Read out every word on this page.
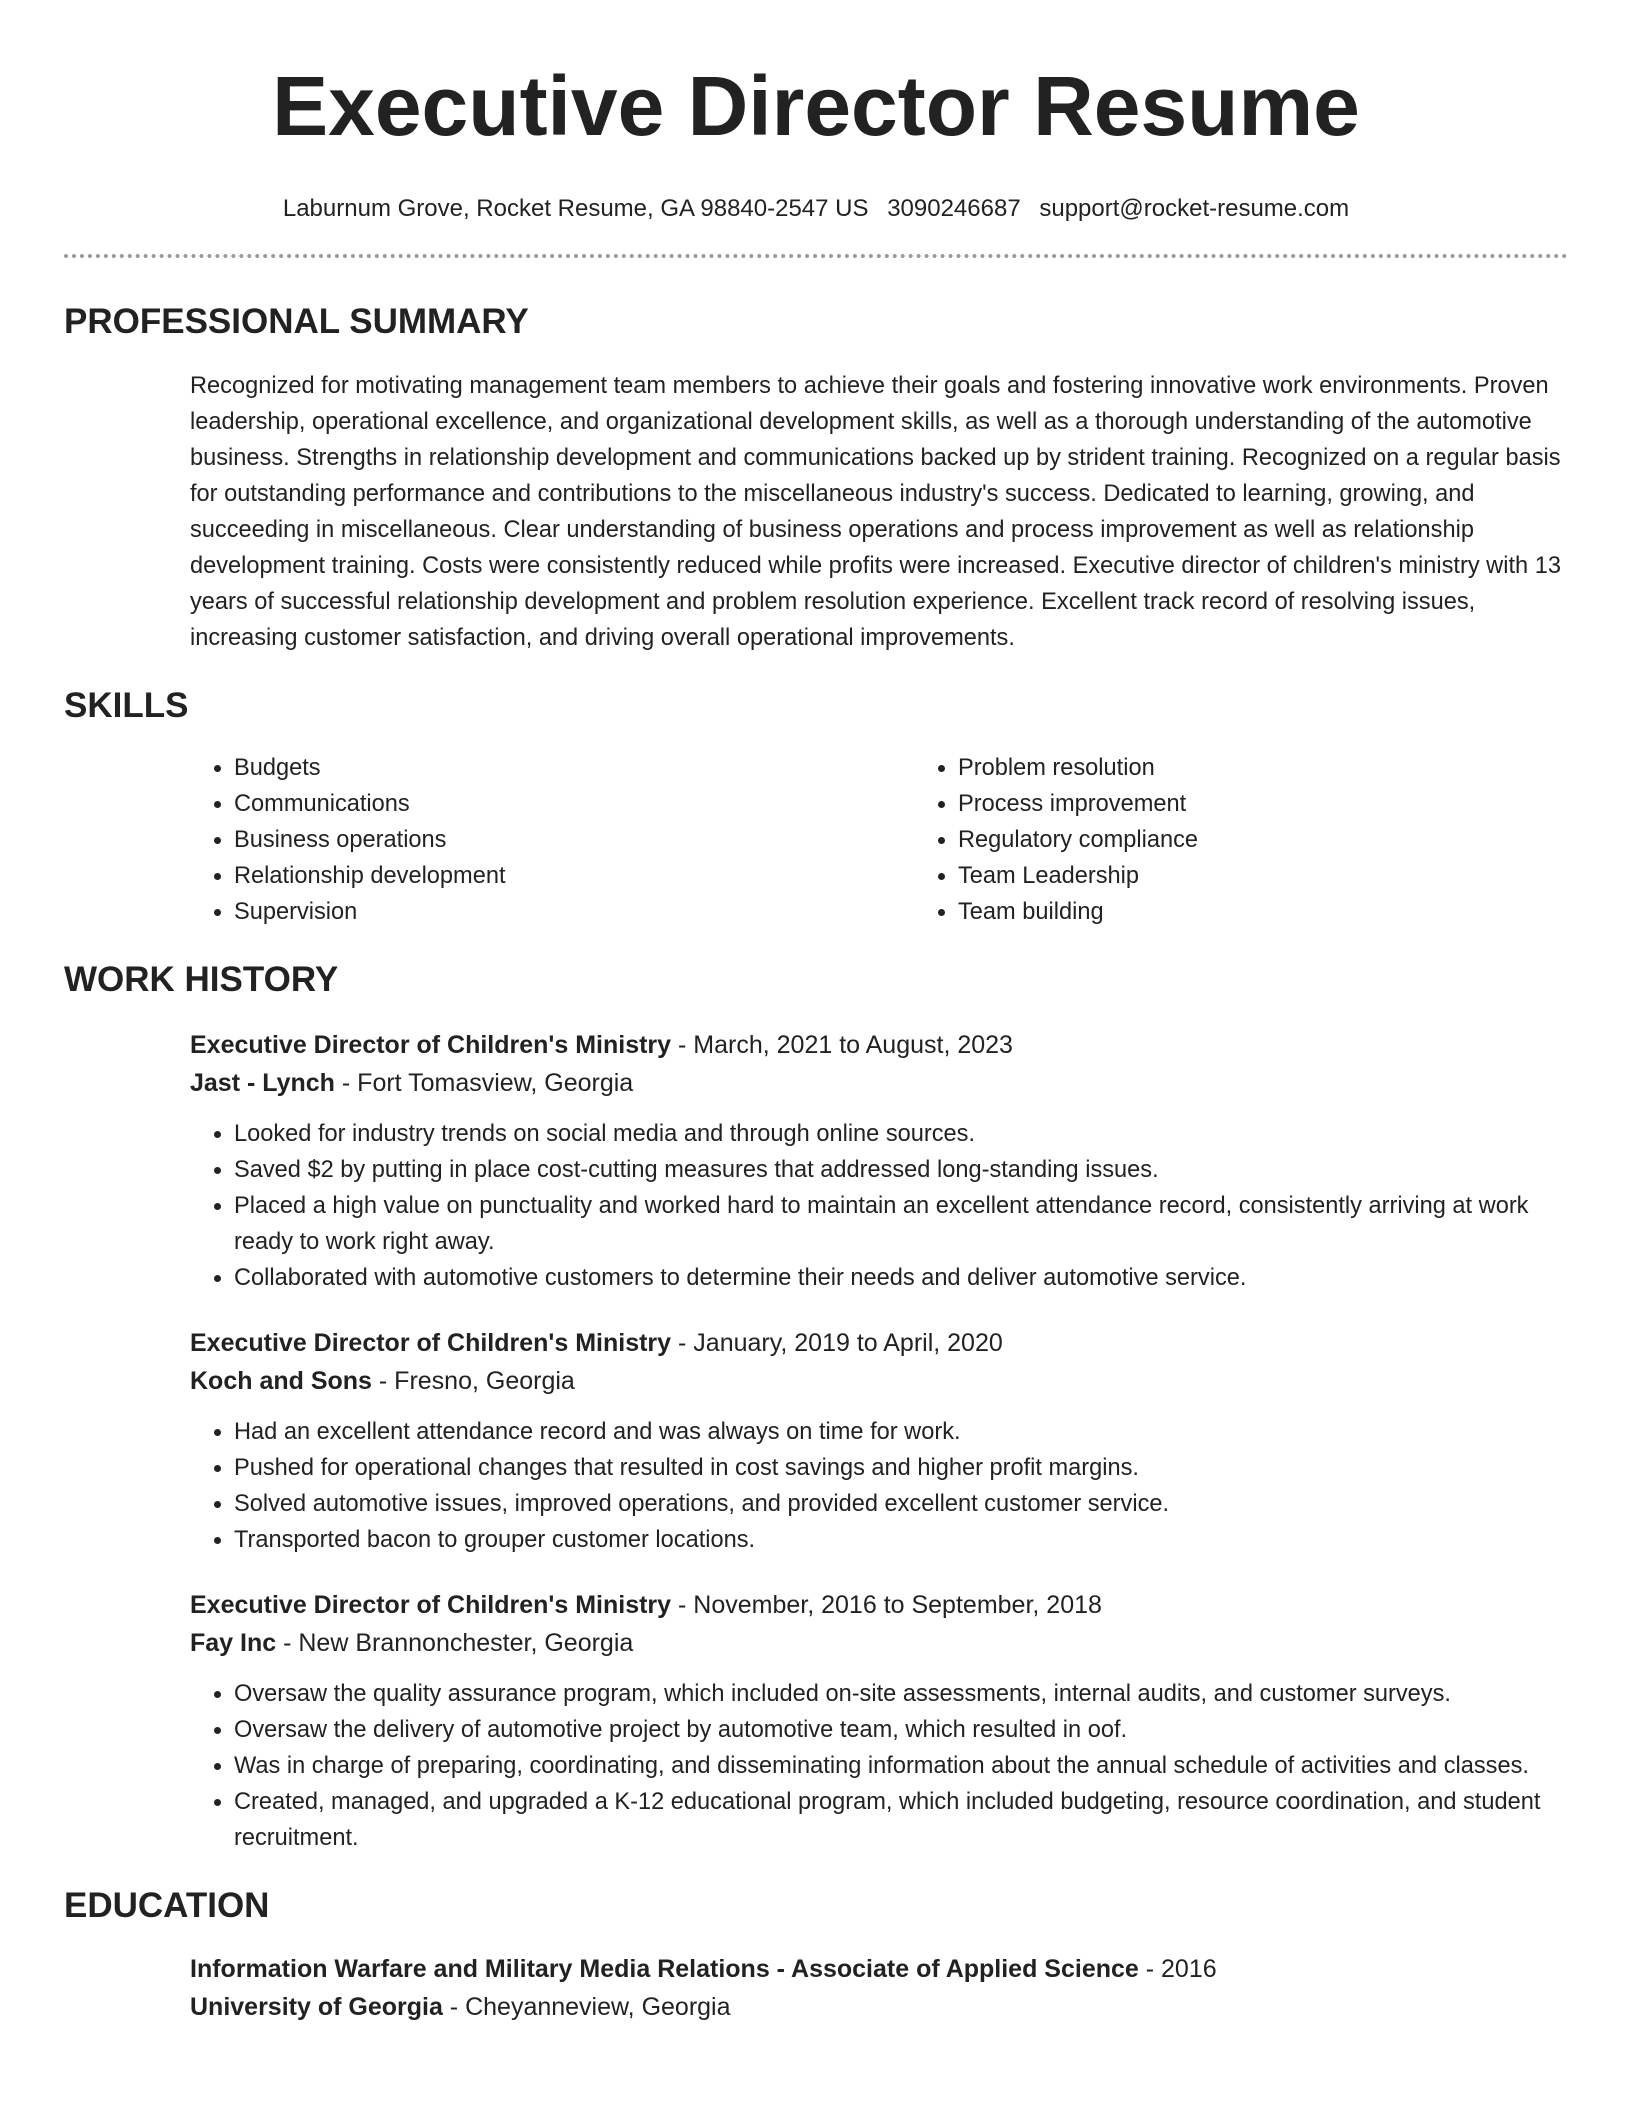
Executive Director Resume
Laburnum Grove, Rocket Resume, GA 98840-2547 US 3090246687 support@rocket-resume.com
PROFESSIONAL SUMMARY

Recognized for motivating management team members to achieve their goals and fostering innovative work environments. Proven leadership, operational excellence, and organizational development skills, as well as a thorough understanding of the automotive business. Strengths in relationship development and communications backed up by strident training. Recognized on a regular basis for outstanding performance and contributions to the miscellaneous industry's success. Dedicated to learning, growing, and succeeding in miscellaneous. Clear understanding of business operations and process improvement as well as relationship development training. Costs were consistently reduced while profits were increased. Executive director of children's ministry with 13 years of successful relationship development and problem resolution experience. Excellent track record of resolving issues, increasing customer satisfaction, and driving overall operational improvements.

SKILLS
• Budgets
• Communications
• Business operations
• Relationship development
• Supervision
• Problem resolution
• Process improvement
• Regulatory compliance
• Team Leadership
• Team building
WORK HISTORY
Executive Director of Children's Ministry - March, 2021 to August, 2023
Jast - Lynch - Fort Tomasview, Georgia
• Looked for industry trends on social media and through online sources.
• Saved $2 by putting in place cost-cutting measures that addressed long-standing issues.
• Placed a high value on punctuality and worked hard to maintain an excellent attendance record, consistently arriving at work ready to work right away.
• Collaborated with automotive customers to determine their needs and deliver automotive service.
Executive Director of Children's Ministry - January, 2019 to April, 2020
Koch and Sons - Fresno, Georgia
• Had an excellent attendance record and was always on time for work.
• Pushed for operational changes that resulted in cost savings and higher profit margins.
• Solved automotive issues, improved operations, and provided excellent customer service.
• Transported bacon to grouper customer locations.
Executive Director of Children's Ministry - November, 2016 to September, 2018
Fay Inc - New Brannonchester, Georgia
• Oversaw the quality assurance program, which included on-site assessments, internal audits, and customer surveys.
• Oversaw the delivery of automotive project by automotive team, which resulted in oof.
• Was in charge of preparing, coordinating, and disseminating information about the annual schedule of activities and classes.
• Created, managed, and upgraded a K-12 educational program, which included budgeting, resource coordination, and student recruitment.
EDUCATION
Information Warfare and Military Media Relations - Associate of Applied Science - 2016
University of Georgia - Cheyanneview, Georgia
